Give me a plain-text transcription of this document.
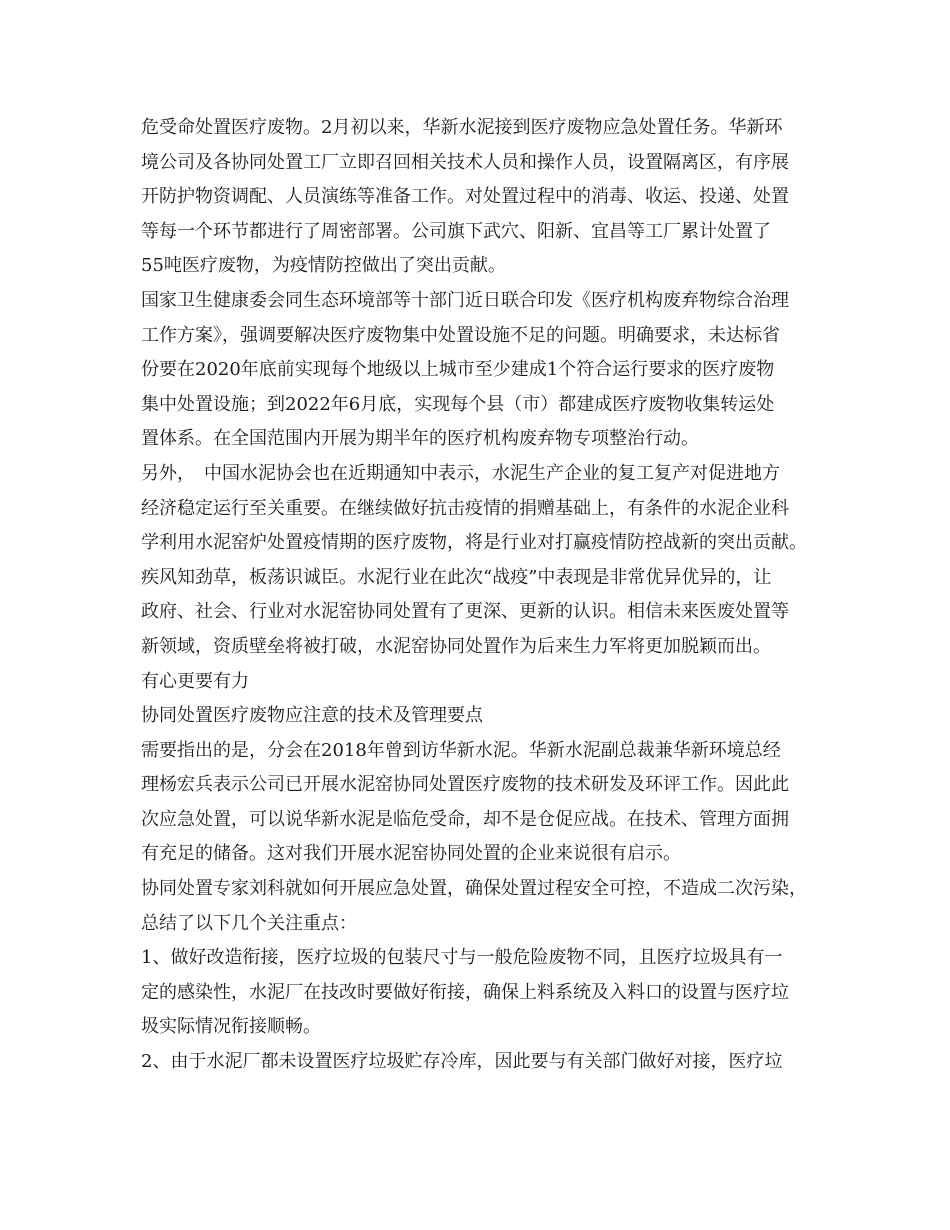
危受命处置医疗废物。2月初以来，华新水泥接到医疗废物应急处置任务。华新环
境公司及各协同处置工厂立即召回相关技术人员和操作人员，设置隔离区，有序展
开防护物资调配、人员演练等准备工作。对处置过程中的消毒、收运、投递、处置
等每一个环节都进行了周密部署。公司旗下武穴、阳新、宜昌等工厂累计处置了
55吨医疗废物，为疫情防控做出了突出贡献。
国家卫生健康委会同生态环境部等十部门近日联合印发《医疗机构废弃物综合治理
工作方案》，强调要解决医疗废物集中处置设施不足的问题。明确要求，未达标省
份要在2020年底前实现每个地级以上城市至少建成1个符合运行要求的医疗废物
集中处置设施；到2022年6月底，实现每个县（市）都建成医疗废物收集转运处
置体系。在全国范围内开展为期半年的医疗机构废弃物专项整治行动。
另外，　中国水泥协会也在近期通知中表示，水泥生产企业的复工复产对促进地方
经济稳定运行至关重要。在继续做好抗击疫情的捐赠基础上，有条件的水泥企业科
学利用水泥窑炉处置疫情期的医疗废物，将是行业对打赢疫情防控战新的突出贡献。
疾风知劲草，板荡识诚臣。水泥行业在此次“战疫”中表现是非常优异优异的，让
政府、社会、行业对水泥窑协同处置有了更深、更新的认识。相信未来医废处置等
新领域，资质壁垒将被打破，水泥窑协同处置作为后来生力军将更加脱颖而出。
有心更要有力
协同处置医疗废物应注意的技术及管理要点
需要指出的是，分会在2018年曾到访华新水泥。华新水泥副总裁兼华新环境总经
理杨宏兵表示公司已开展水泥窑协同处置医疗废物的技术研发及环评工作。因此此
次应急处置，可以说华新水泥是临危受命，却不是仓促应战。在技术、管理方面拥
有充足的储备。这对我们开展水泥窑协同处置的企业来说很有启示。
协同处置专家刘科就如何开展应急处置，确保处置过程安全可控，不造成二次污染，
总结了以下几个关注重点：
1、做好改造衔接，医疗垃圾的包装尺寸与一般危险废物不同，且医疗垃圾具有一
定的感染性，水泥厂在技改时要做好衔接，确保上料系统及入料口的设置与医疗垃
圾实际情况衔接顺畅。
2、由于水泥厂都未设置医疗垃圾贮存冷库，因此要与有关部门做好对接，医疗垃
